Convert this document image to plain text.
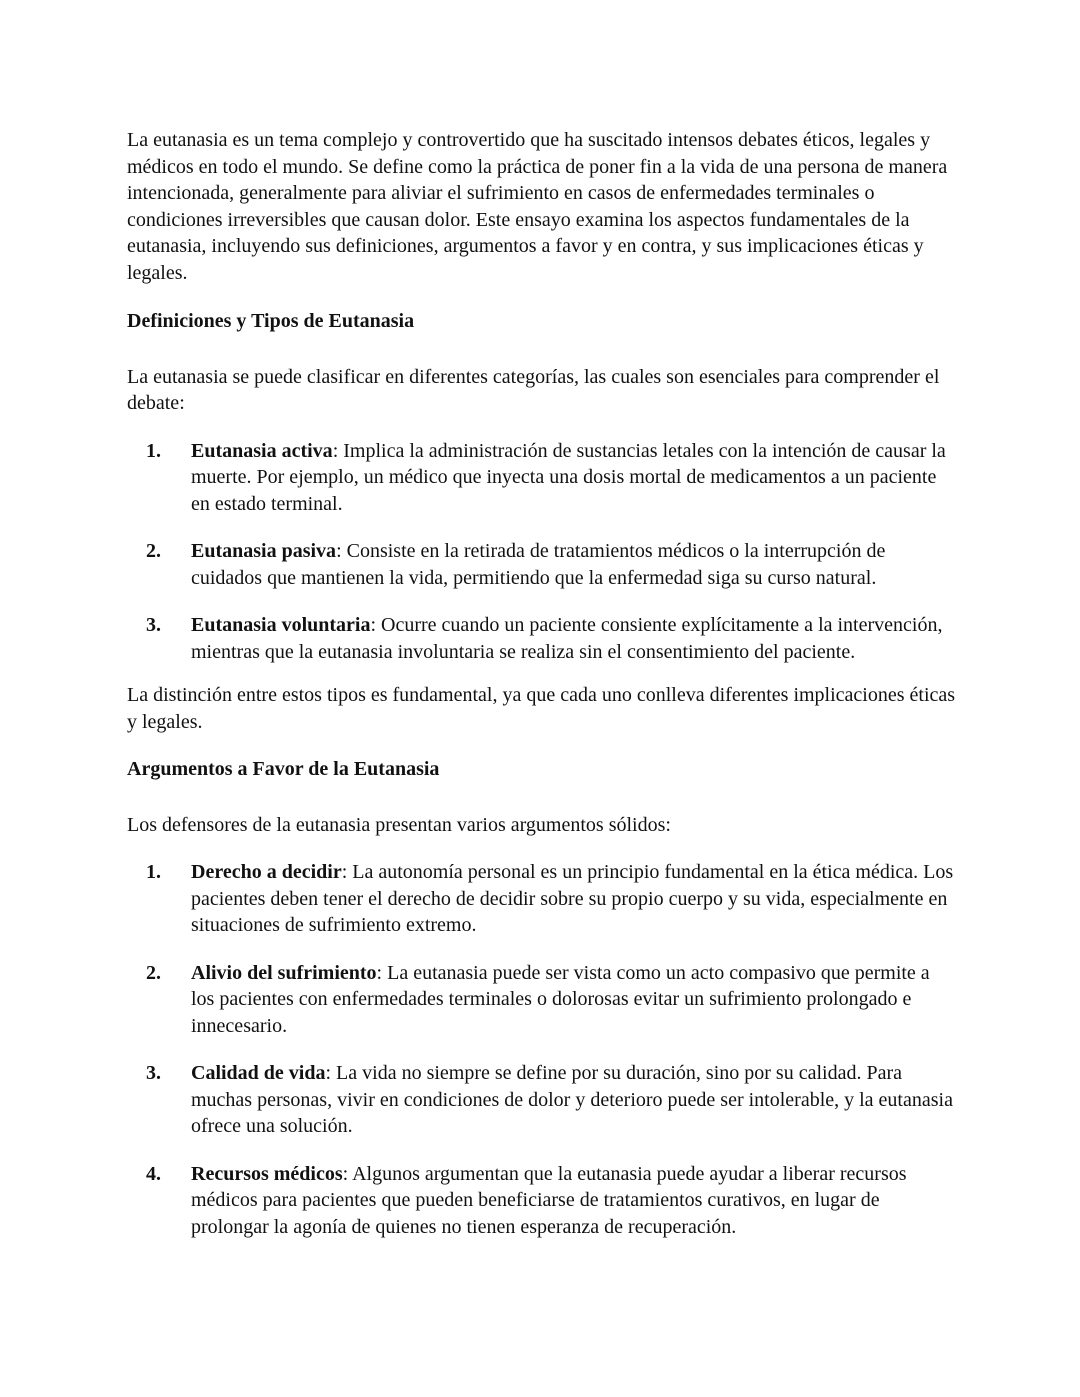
La eutanasia es un tema complejo y controvertido que ha suscitado intensos debates éticos, legales y médicos en todo el mundo. Se define como la práctica de poner fin a la vida de una persona de manera intencionada, generalmente para aliviar el sufrimiento en casos de enfermedades terminales o condiciones irreversibles que causan dolor. Este ensayo examina los aspectos fundamentales de la eutanasia, incluyendo sus definiciones, argumentos a favor y en contra, y sus implicaciones éticas y legales.

Definiciones y Tipos de Eutanasia

La eutanasia se puede clasificar en diferentes categorías, las cuales son esenciales para comprender el debate:

1. Eutanasia activa: Implica la administración de sustancias letales con la intención de causar la muerte. Por ejemplo, un médico que inyecta una dosis mortal de medicamentos a un paciente en estado terminal.
2. Eutanasia pasiva: Consiste en la retirada de tratamientos médicos o la interrupción de cuidados que mantienen la vida, permitiendo que la enfermedad siga su curso natural.
3. Eutanasia voluntaria: Ocurre cuando un paciente consiente explícitamente a la intervención, mientras que la eutanasia involuntaria se realiza sin el consentimiento del paciente.

La distinción entre estos tipos es fundamental, ya que cada uno conlleva diferentes implicaciones éticas y legales.

Argumentos a Favor de la Eutanasia

Los defensores de la eutanasia presentan varios argumentos sólidos:

1. Derecho a decidir: La autonomía personal es un principio fundamental en la ética médica. Los pacientes deben tener el derecho de decidir sobre su propio cuerpo y su vida, especialmente en situaciones de sufrimiento extremo.
2. Alivio del sufrimiento: La eutanasia puede ser vista como un acto compasivo que permite a los pacientes con enfermedades terminales o dolorosas evitar un sufrimiento prolongado e innecesario.
3. Calidad de vida: La vida no siempre se define por su duración, sino por su calidad. Para muchas personas, vivir en condiciones de dolor y deterioro puede ser intolerable, y la eutanasia ofrece una solución.
4. Recursos médicos: Algunos argumentan que la eutanasia puede ayudar a liberar recursos médicos para pacientes que pueden beneficiarse de tratamientos curativos, en lugar de prolongar la agonía de quienes no tienen esperanza de recuperación.
